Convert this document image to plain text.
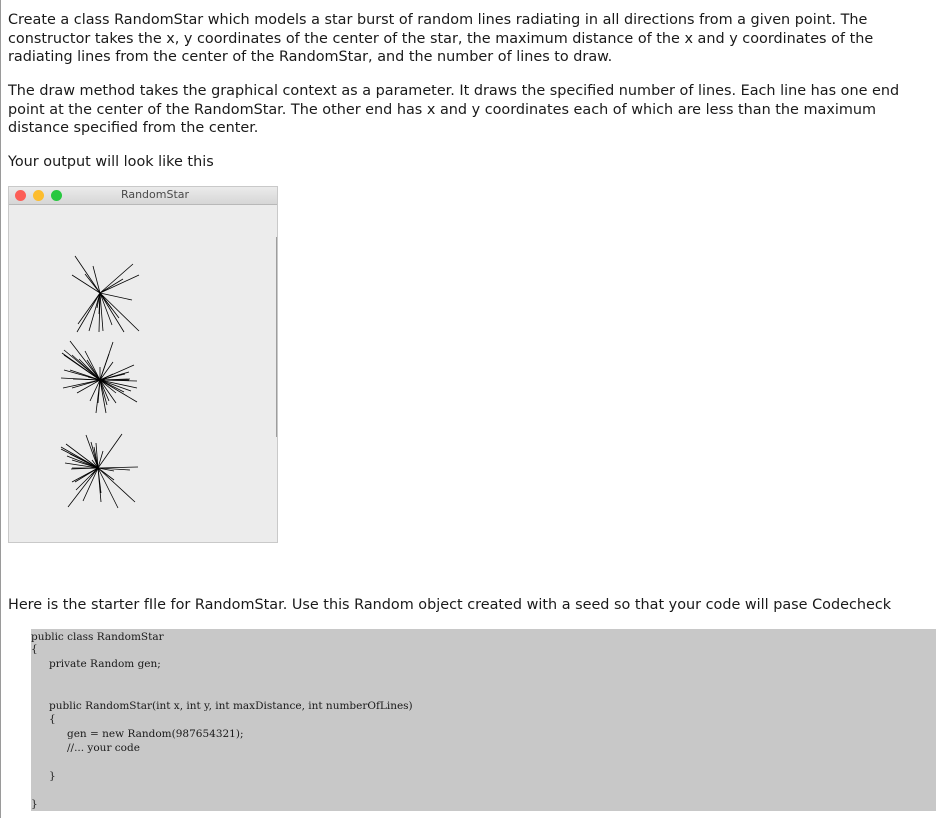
Create a class RandomStar which models a star burst of random lines radiating in all directions from a given point. The constructor takes the x, y coordinates of the center of the star, the maximum distance of the x and y coordinates of the radiating lines from the center of the RandomStar, and the number of lines to draw.

The draw method takes the graphical context as a parameter. It draws the specified number of lines. Each line has one end point at the center of the RandomStar. The other end has x and y coordinates each of which are less than the maximum distance specified from the center.

Your output will look like this

RandomStar

Here is the starter fIle for RandomStar. Use this Random object created with a seed so that your code will pase Codecheck

public class RandomStar
{
private Random gen;
public RandomStar(int x, int y, int maxDistance, int numberOfLines)
{
gen = new Random(987654321);
//... your code
}
}
